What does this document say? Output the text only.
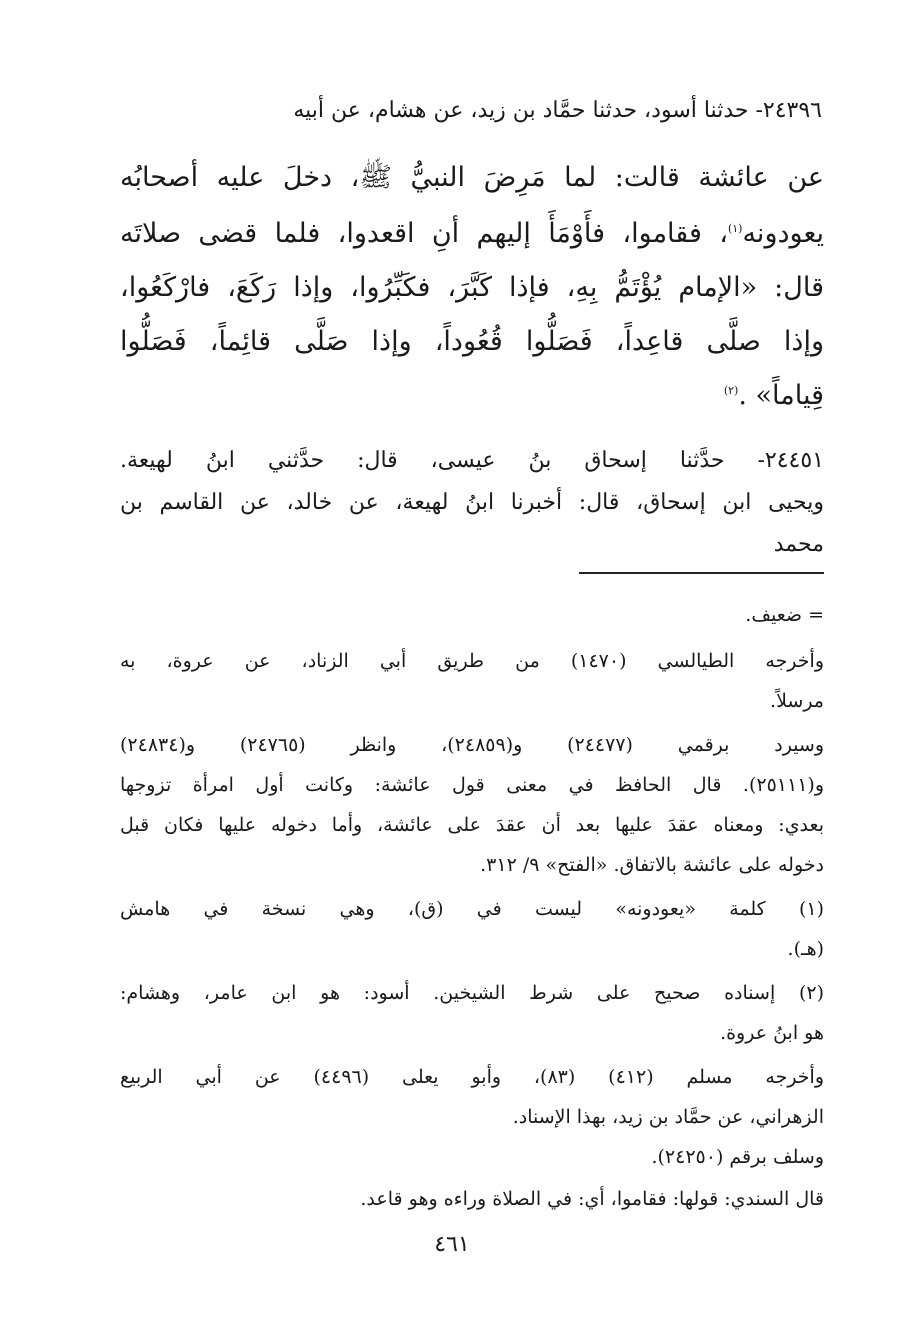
٢٤٣٩٦- حدثنا أسود، حدثنا حمَّاد بن زيد، عن هشام، عن أبيه
عن عائشة قالت: لما مَرِضَ النبيُّ ﷺ، دخلَ عليه أصحابُه
يعودونه$^{(١)}$، فقاموا، فأَوْمَأَ إليهم أنِ اقعدوا، فلما قضى صلاتَه
قال: «الإمام يُؤْتَمُّ بِهِ، فإذا كَبَّرَ، فكَبِّرُوا، وإذا رَكَعَ، فارْكَعُوا،
وإذا صلَّى قاعِداً، فَصَلُّوا قُعُوداً، وإذا صَلَّى قائِماً، فَصَلُّوا
قِياماً» .$^{(٢)}$
٢٤٤٥١- حدَّثنا إسحاق بنُ عيسى، قال: حدَّثني ابنُ لهيعة.
ويحيى ابن إسحاق، قال: أخبرنا ابنُ لهيعة، عن خالد، عن القاسم بن
محمد
= ضعيف.
وأخرجه الطيالسي (١٤٧٠) من طريق أبي الزناد، عن عروة، به
مرسلاً.
وسيرد برقمي (٢٤٤٧٧) و(٢٤٨٥٩)، وانظر (٢٤٧٦٥) و(٢٤٨٣٤)
و(٢٥١١١). قال الحافظ في معنى قول عائشة: وكانت أول امرأة تزوجها
بعدي: ومعناه عقدَ عليها بعد أن عقدَ على عائشة، وأما دخوله عليها فكان قبل
دخوله على عائشة بالاتفاق. «الفتح» ٩/ ٣١٢.
(١) كلمة «يعودونه» ليست في (ق)، وهي نسخة في هامش
(هـ).
(٢) إسناده صحيح على شرط الشيخين. أسود: هو ابن عامر، وهشام:
هو ابنُ عروة.
وأخرجه مسلم (٤١٢) (٨٣)، وأبو يعلى (٤٤٩٦) عن أبي الربيع
الزهراني، عن حمَّاد بن زيد، بهذا الإسناد.
وسلف برقم (٢٤٢٥٠).
قال السندي: قولها: فقاموا، أي: في الصلاة وراءه وهو قاعد.
٤٦١
